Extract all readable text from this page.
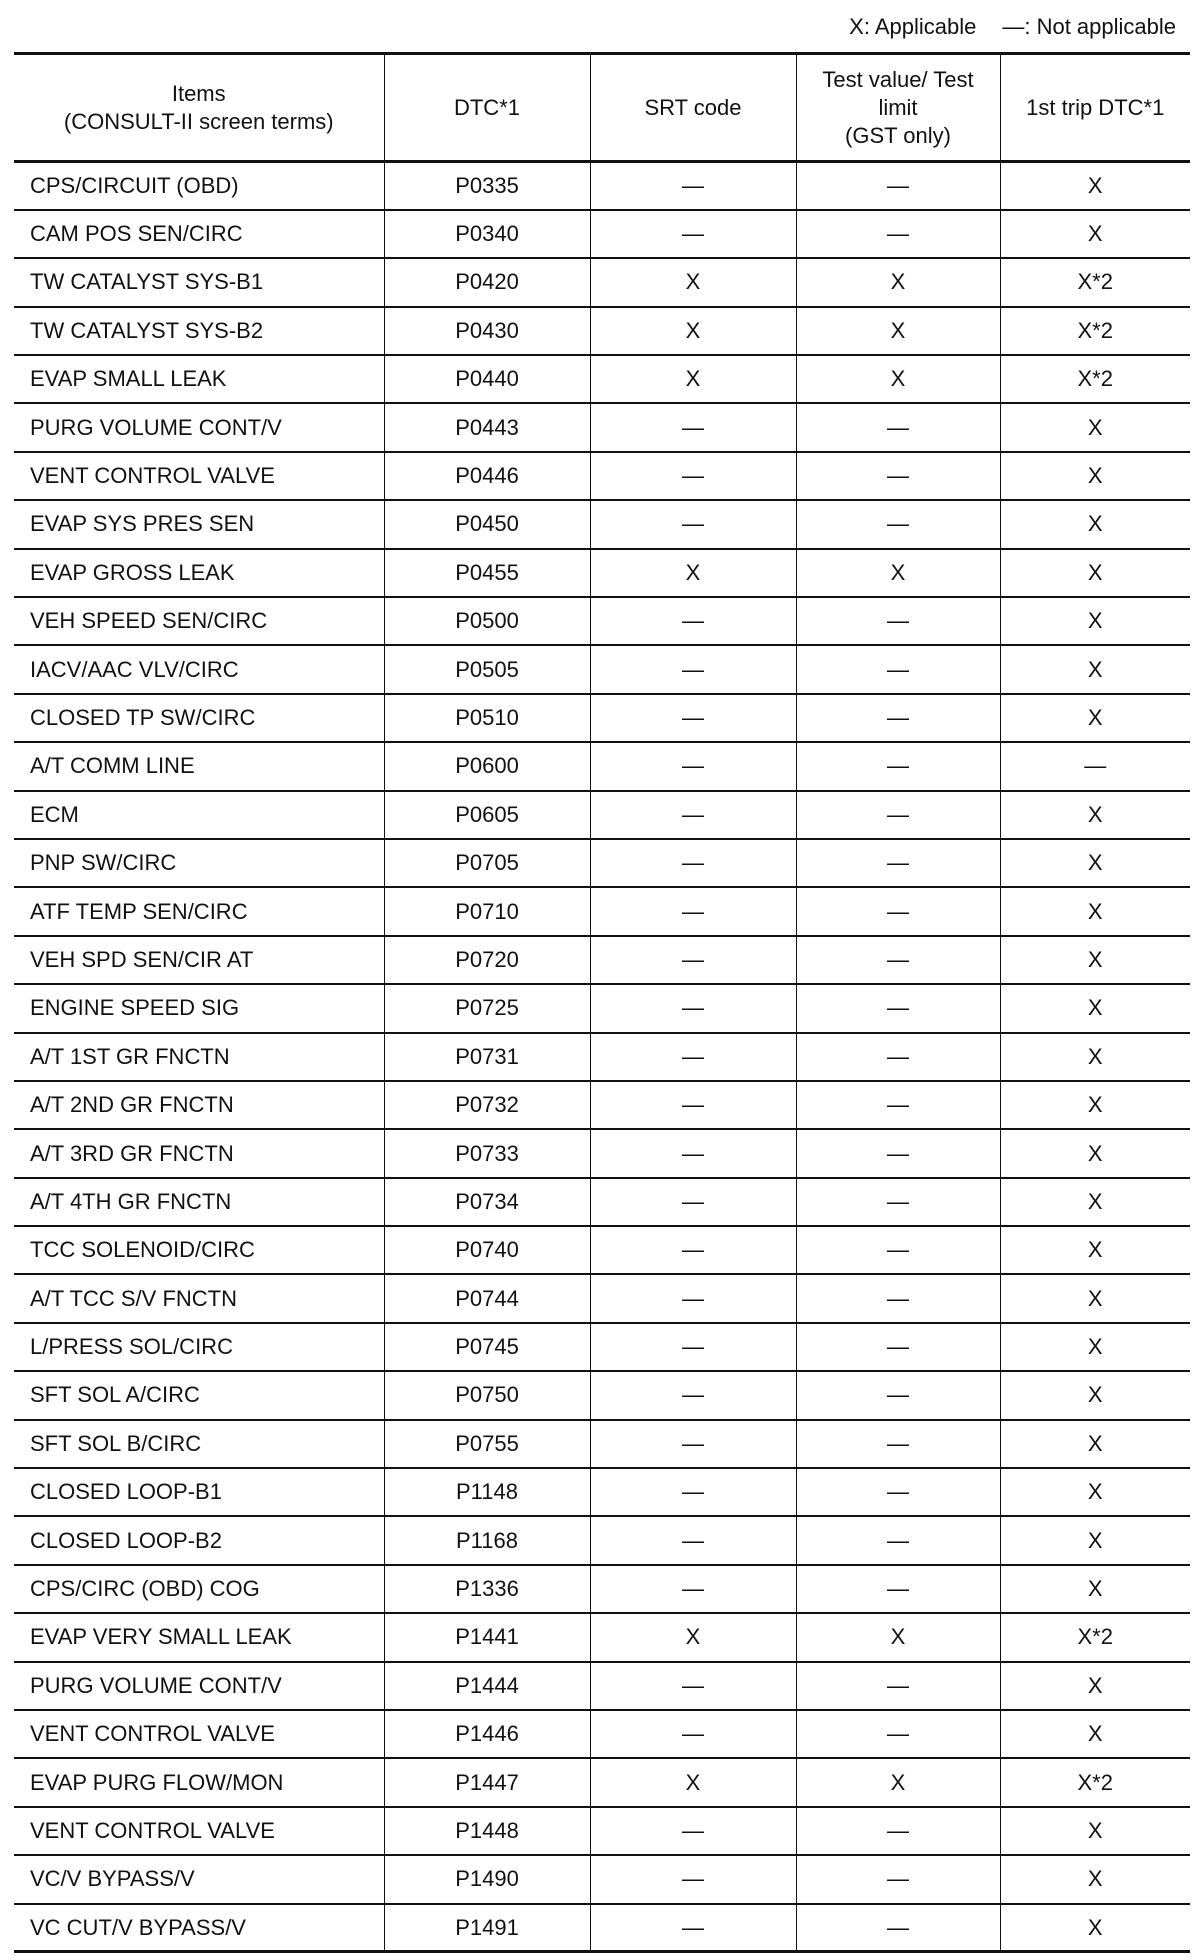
X: Applicable —: Not applicable
Items
(CONSULT-II screen terms)	DTC*1	SRT code	Test value/ Test
limit
(GST only)	1st trip DTC*1
CPS/CIRCUIT (OBD)	P0335	—	—	X
CAM POS SEN/CIRC	P0340	—	—	X
TW CATALYST SYS-B1	P0420	X	X	X*2
TW CATALYST SYS-B2	P0430	X	X	X*2
EVAP SMALL LEAK	P0440	X	X	X*2
PURG VOLUME CONT/V	P0443	—	—	X
VENT CONTROL VALVE	P0446	—	—	X
EVAP SYS PRES SEN	P0450	—	—	X
EVAP GROSS LEAK	P0455	X	X	X
VEH SPEED SEN/CIRC	P0500	—	—	X
IACV/AAC VLV/CIRC	P0505	—	—	X
CLOSED TP SW/CIRC	P0510	—	—	X
A/T COMM LINE	P0600	—	—	—
ECM	P0605	—	—	X
PNP SW/CIRC	P0705	—	—	X
ATF TEMP SEN/CIRC	P0710	—	—	X
VEH SPD SEN/CIR AT	P0720	—	—	X
ENGINE SPEED SIG	P0725	—	—	X
A/T 1ST GR FNCTN	P0731	—	—	X
A/T 2ND GR FNCTN	P0732	—	—	X
A/T 3RD GR FNCTN	P0733	—	—	X
A/T 4TH GR FNCTN	P0734	—	—	X
TCC SOLENOID/CIRC	P0740	—	—	X
A/T TCC S/V FNCTN	P0744	—	—	X
L/PRESS SOL/CIRC	P0745	—	—	X
SFT SOL A/CIRC	P0750	—	—	X
SFT SOL B/CIRC	P0755	—	—	X
CLOSED LOOP-B1	P1148	—	—	X
CLOSED LOOP-B2	P1168	—	—	X
CPS/CIRC (OBD) COG	P1336	—	—	X
EVAP VERY SMALL LEAK	P1441	X	X	X*2
PURG VOLUME CONT/V	P1444	—	—	X
VENT CONTROL VALVE	P1446	—	—	X
EVAP PURG FLOW/MON	P1447	X	X	X*2
VENT CONTROL VALVE	P1448	—	—	X
VC/V BYPASS/V	P1490	—	—	X
VC CUT/V BYPASS/V	P1491	—	—	X
